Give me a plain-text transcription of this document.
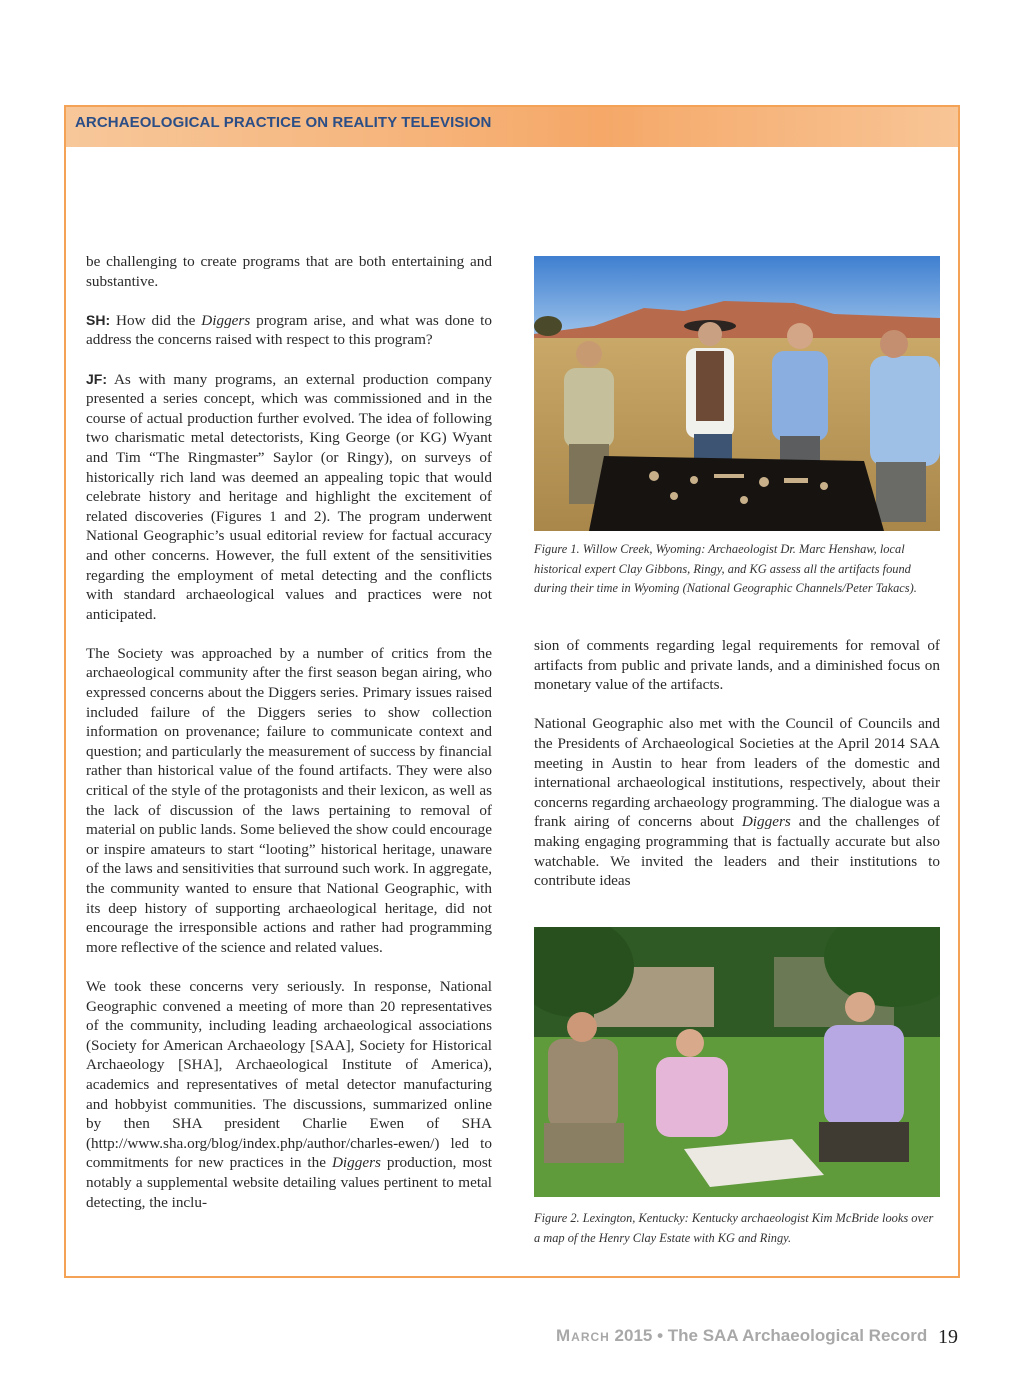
ARCHAEOLOGICAL PRACTICE ON REALITY TELEVISION

be challenging to create programs that are both entertaining and substantive.

SH: How did the Diggers program arise, and what was done to address the concerns raised with respect to this program?

JF: As with many programs, an external production company presented a series concept, which was commissioned and in the course of actual production further evolved. The idea of following two charismatic metal detectorists, King George (or KG) Wyant and Tim “The Ringmaster” Saylor (or Ringy), on surveys of historically rich land was deemed an appealing topic that would celebrate history and heritage and highlight the excitement of related discoveries (Figures 1 and 2). The program underwent National Geographic’s usual editorial review for factual accuracy and other concerns. However, the full extent of the sensitivities regarding the employment of metal detecting and the conflicts with standard archaeological values and practices were not anticipated.

The Society was approached by a number of critics from the archaeological community after the first season began airing, who expressed concerns about the Diggers series. Primary issues raised included failure of the Diggers series to show collection information on provenance; failure to communicate context and question; and particularly the measurement of success by financial rather than historical value of the found artifacts. They were also critical of the style of the protagonists and their lexicon, as well as the lack of discussion of the laws pertaining to removal of material on public lands. Some believed the show could encourage or inspire amateurs to start “looting” historical heritage, unaware of the laws and sensitivities that surround such work. In aggregate, the community wanted to ensure that National Geographic, with its deep history of supporting archaeological heritage, did not encourage the irresponsible actions and rather had programming more reflective of the science and related values.

We took these concerns very seriously. In response, National Geographic convened a meeting of more than 20 representatives of the community, including leading archaeological associations (Society for American Archaeology [SAA], Society for Historical Archaeology [SHA], Archaeological Institute of America), academics and representatives of metal detector manufacturing and hobbyist communities. The discussions, summarized online by then SHA president Charlie Ewen of SHA (http://www.sha.org/blog/index.php/author/charles-ewen/) led to commitments for new practices in the Diggers production, most notably a supplemental website detailing values pertinent to metal detecting, the inclu-

Figure 1. Willow Creek, Wyoming: Archaeologist Dr. Marc Henshaw, local historical expert Clay Gibbons, Ringy, and KG assess all the artifacts found during their time in Wyoming (National Geographic Channels/Peter Takacs).

sion of comments regarding legal requirements for removal of artifacts from public and private lands, and a diminished focus on monetary value of the artifacts.

National Geographic also met with the Council of Councils and the Presidents of Archaeological Societies at the April 2014 SAA meeting in Austin to hear from leaders of the domestic and international archaeological institutions, respectively, about their concerns regarding archaeology programming. The dialogue was a frank airing of concerns about Diggers and the challenges of making engaging programming that is factually accurate but also watchable. We invited the leaders and their institutions to contribute ideas

Figure 2. Lexington, Kentucky: Kentucky archaeologist Kim McBride looks over a map of the Henry Clay Estate with KG and Ringy.
March 2015 • The SAA Archaeological Record 19
